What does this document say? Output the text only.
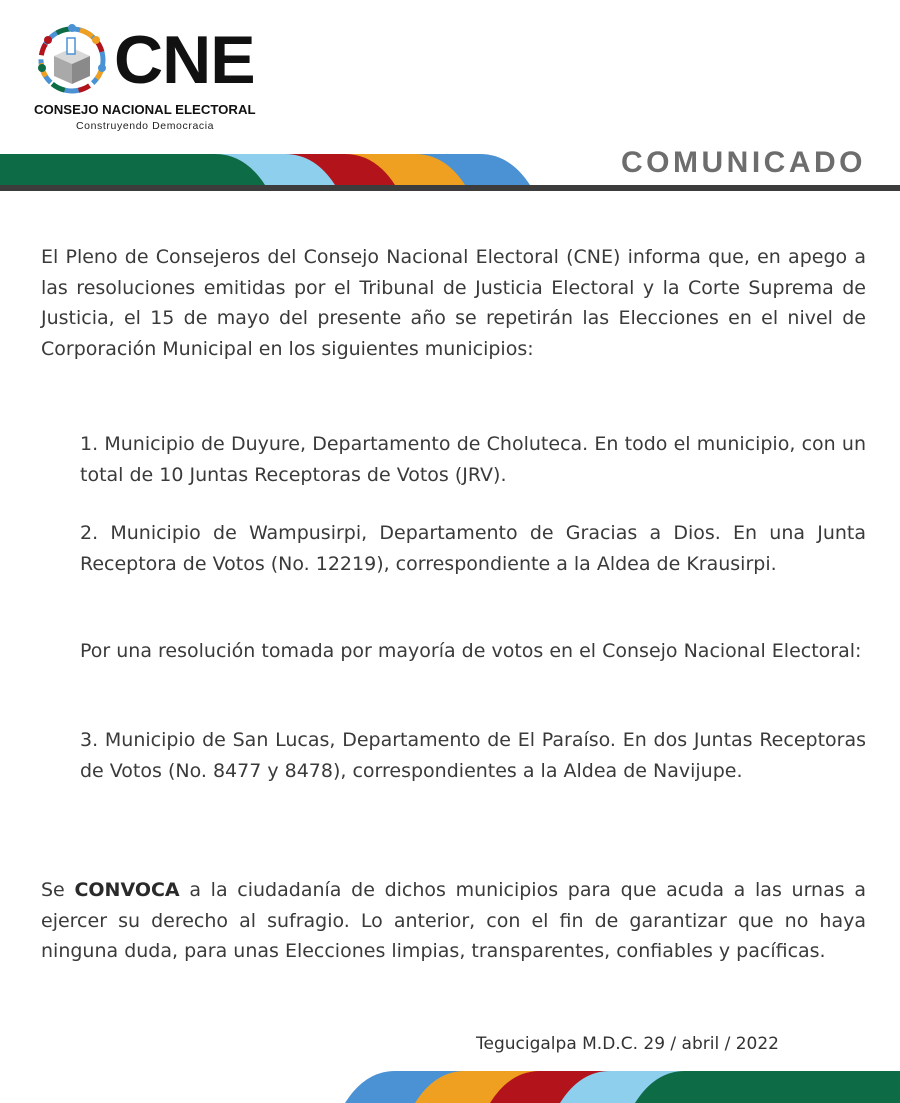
CNE
CONSEJO NACIONAL ELECTORAL
Construyendo Democracia
COMUNICADO

El Pleno de Consejeros del Consejo Nacional Electoral (CNE) informa que, en apego a las resoluciones emitidas por el Tribunal de Justicia Electoral y la Corte Suprema de Justicia, el 15 de mayo del presente año se repetirán las Elecciones en el nivel de Corporación Municipal en los siguientes municipios:

1. Municipio de Duyure, Departamento de Choluteca. En todo el municipio, con un total de 10 Juntas Receptoras de Votos (JRV).

2. Municipio de Wampusirpi, Departamento de Gracias a Dios. En una Junta Receptora de Votos (No. 12219), correspondiente a la Aldea de Krausirpi.

Por una resolución tomada por mayoría de votos en el Consejo Nacional Electoral:

3. Municipio de San Lucas, Departamento de El Paraíso. En dos Juntas Receptoras de Votos (No. 8477 y 8478), correspondientes a la Aldea de Navijupe.

Se CONVOCA a la ciudadanía de dichos municipios para que acuda a las urnas a ejercer su derecho al sufragio. Lo anterior, con el fin de garantizar que no haya ninguna duda, para unas Elecciones limpias, transparentes, confiables y pacíficas.

Tegucigalpa M.D.C. 29 / abril / 2022
